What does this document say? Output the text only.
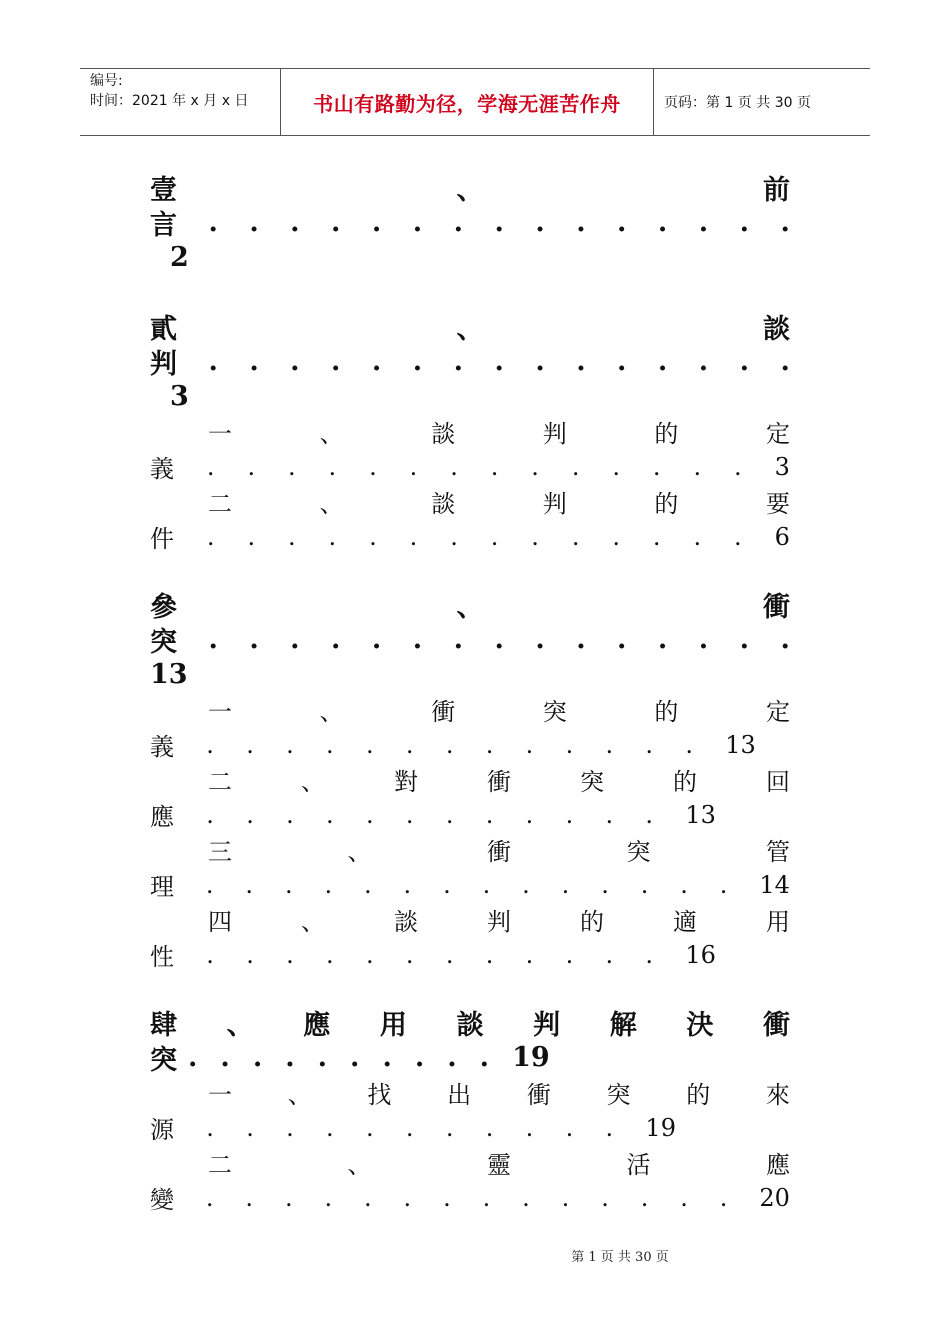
编号:
时间：2021 年 x 月 x 日	书山有路勤为径，学海无涯苦作舟	页码：第 1 页 共 30 页
壹	、	前
言 . . . . . . . . . . . . . . .
2
貳	、	談
判 . . . . . . . . . . . . . . .
3
一	、	談	判	的	定
義 . . . . . . . . . . . . . . 3
二	、	談	判	的	要
件 . . . . . . . . . . . . . . 6
參	、	衝
突 . . . . . . . . . . . . . . .
13
一	、	衝	突	的	定
義 . . . . . . . . . . . . . 13
二	、	對	衝	突	的	回
應 . . . . . . . . . . . . 13
三	、	衝	突	管
理 . . . . . . . . . . . . . . 14
四	、	談	判	的	適	用
性 . . . . . . . . . . . . 16
肆 、 應 用 談 判 解 決 衝
突 . . . . . . . . . . 19
一 、 找 出 衝 突 的 來
源 . . . . . . . . . . . 19
二	、	靈	活	應
變 . . . . . . . . . . . . . . 20
第 1 页 共 30 页
